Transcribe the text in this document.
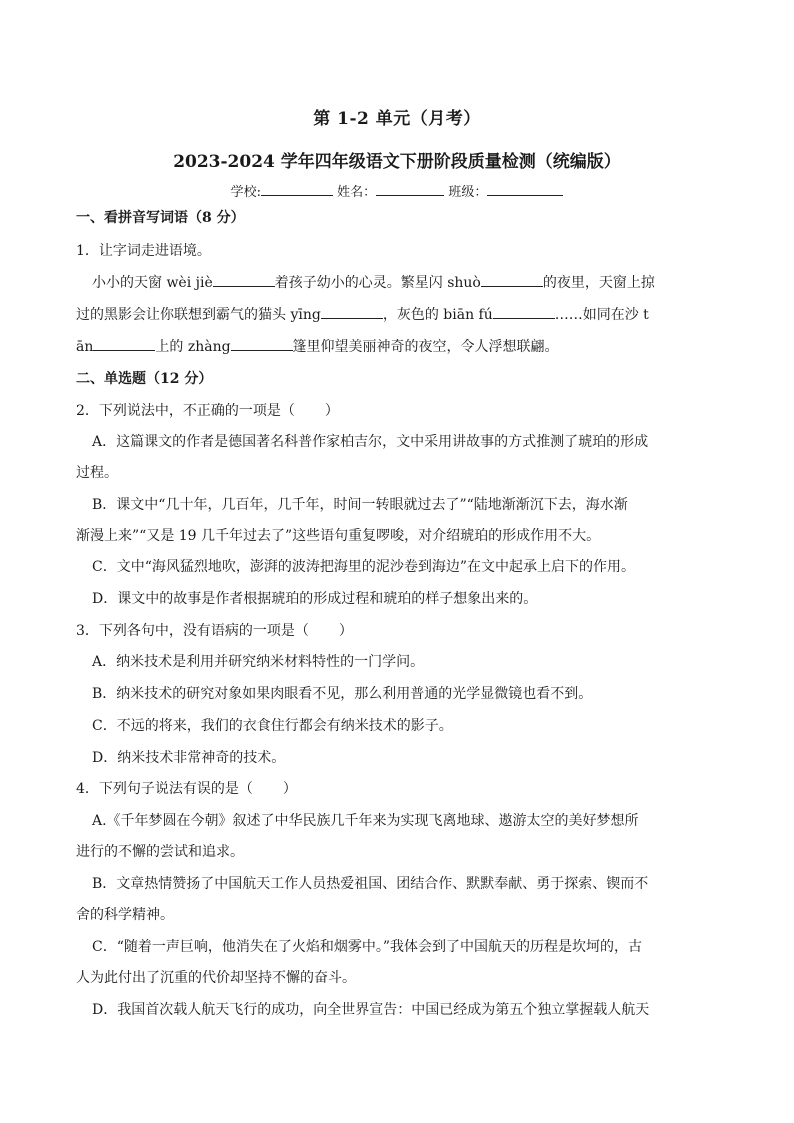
第 1-2 单元（月考）
2023-2024 学年四年级语文下册阶段质量检测（统编版）
学校:	姓名：	班级：
一、看拼音写词语（8 分）
1．让字词走进语境。
小小的天窗 wèi jiè	着孩子幼小的心灵。繁星闪 shuò	的夜里，天窗上掠
过的黑影会让你联想到霸气的猫头 yīng	，灰色的 biān fú	……如同在沙 t
ān	上的 zhàng	篷里仰望美丽神奇的夜空，令人浮想联翩。
二、单选题（12 分）
2．下列说法中，不正确的一项是（ ）
A．这篇课文的作者是德国著名科普作家柏吉尔，文中采用讲故事的方式推测了琥珀的形成
过程。
B．课文中“几十年，几百年，几千年，时间一转眼就过去了”“陆地渐渐沉下去，海水渐
渐漫上来”“又是 19 几千年过去了”这些语句重复啰唆，对介绍琥珀的形成作用不大。
C．文中“海风猛烈地吹，澎湃的波涛把海里的泥沙卷到海边”在文中起承上启下的作用。
D．课文中的故事是作者根据琥珀的形成过程和琥珀的样子想象出来的。
3．下列各句中，没有语病的一项是（ ）
A．纳米技术是利用并研究纳米材料特性的一门学问。
B．纳米技术的研究对象如果肉眼看不见，那么利用普通的光学显微镜也看不到。
C．不远的将来，我们的衣食住行都会有纳米技术的影子。
D．纳米技术非常神奇的技术。
4．下列句子说法有误的是（ ）
A.《千年梦圆在今朝》叙述了中华民族几千年来为实现飞离地球、遨游太空的美好梦想所
进行的不懈的尝试和追求。
B．文章热情赞扬了中国航天工作人员热爱祖国、团结合作、默默奉献、勇于探索、锲而不
舍的科学精神。
C．“随着一声巨响，他消失在了火焰和烟雾中。”我体会到了中国航天的历程是坎坷的，古
人为此付出了沉重的代价却坚持不懈的奋斗。
D．我国首次载人航天飞行的成功，向全世界宣告：中国已经成为第五个独立掌握载人航天
